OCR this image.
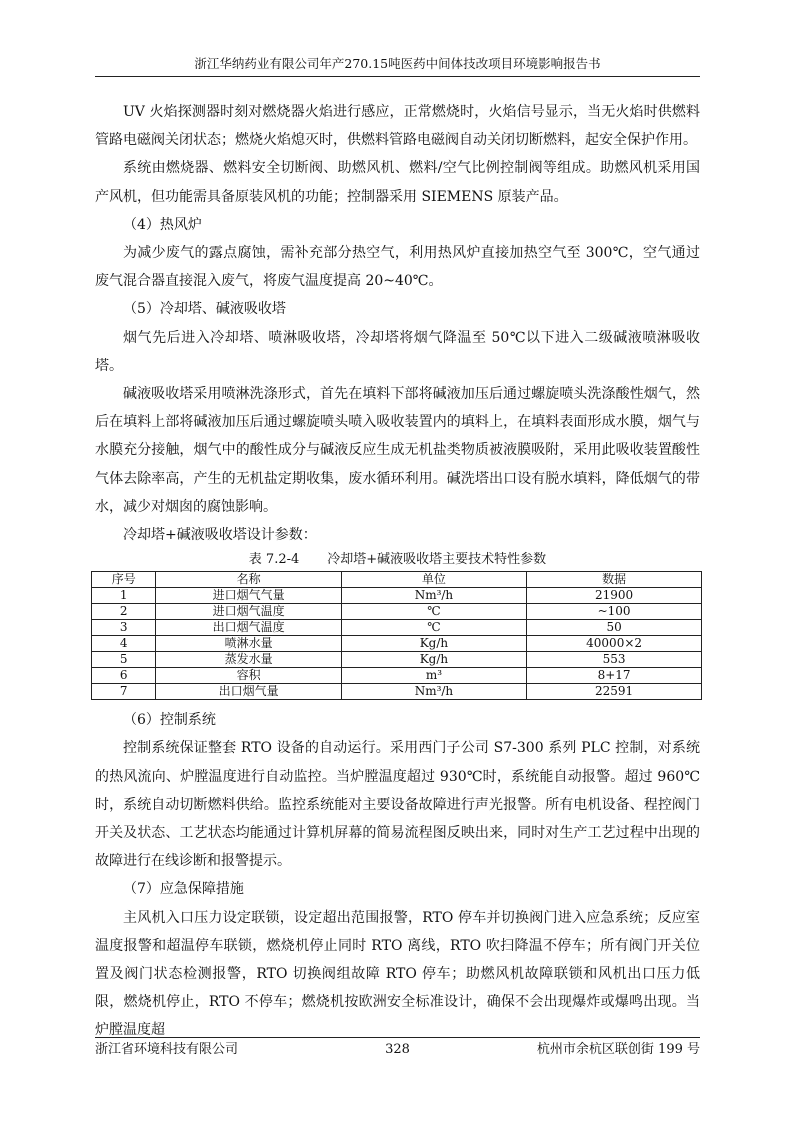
浙江华纳药业有限公司年产270.15吨医药中间体技改项目环境影响报告书

UV 火焰探测器时刻对燃烧器火焰进行感应，正常燃烧时，火焰信号显示，当无火焰时供燃料管路电磁阀关闭状态；燃烧火焰熄灭时，供燃料管路电磁阀自动关闭切断燃料，起安全保护作用。

系统由燃烧器、燃料安全切断阀、助燃风机、燃料/空气比例控制阀等组成。助燃风机采用国产风机，但功能需具备原装风机的功能；控制器采用 SIEMENS 原装产品。

（4）热风炉

为减少废气的露点腐蚀，需补充部分热空气，利用热风炉直接加热空气至 300℃，空气通过废气混合器直接混入废气，将废气温度提高 20~40℃。

（5）冷却塔、碱液吸收塔

烟气先后进入冷却塔、喷淋吸收塔，冷却塔将烟气降温至 50℃以下进入二级碱液喷淋吸收塔。

碱液吸收塔采用喷淋洗涤形式，首先在填料下部将碱液加压后通过螺旋喷头洗涤酸性烟气，然后在填料上部将碱液加压后通过螺旋喷头喷入吸收装置内的填料上，在填料表面形成水膜，烟气与水膜充分接触，烟气中的酸性成分与碱液反应生成无机盐类物质被液膜吸附，采用此吸收装置酸性气体去除率高，产生的无机盐定期收集，废水循环利用。碱洗塔出口设有脱水填料，降低烟气的带水，减少对烟囱的腐蚀影响。

冷却塔+碱液吸收塔设计参数：

表 7.2-4 冷却塔+碱液吸收塔主要技术特性参数
序号	名称	单位	数据
1	进口烟气气量	Nm³/h	21900
2	进口烟气温度	℃	~100
3	出口烟气温度	℃	50
4	喷淋水量	Kg/h	40000×2
5	蒸发水量	Kg/h	553
6	容积	m³	8+17
7	出口烟气量	Nm³/h	22591

（6）控制系统

控制系统保证整套 RTO 设备的自动运行。采用西门子公司 S7-300 系列 PLC 控制，对系统的热风流向、炉膛温度进行自动监控。当炉膛温度超过 930℃时，系统能自动报警。超过 960℃时，系统自动切断燃料供给。监控系统能对主要设备故障进行声光报警。所有电机设备、程控阀门开关及状态、工艺状态均能通过计算机屏幕的简易流程图反映出来，同时对生产工艺过程中出现的故障进行在线诊断和报警提示。

（7）应急保障措施

主风机入口压力设定联锁，设定超出范围报警，RTO 停车并切换阀门进入应急系统；反应室温度报警和超温停车联锁，燃烧机停止同时 RTO 离线，RTO 吹扫降温不停车；所有阀门开关位置及阀门状态检测报警，RTO 切换阀组故障 RTO 停车；助燃风机故障联锁和风机出口压力低限，燃烧机停止，RTO 不停车；燃烧机按欧洲安全标准设计，确保不会出现爆炸或爆鸣出现。当炉膛温度超

浙江省环境科技有限公司	328	杭州市余杭区联创街 199 号
